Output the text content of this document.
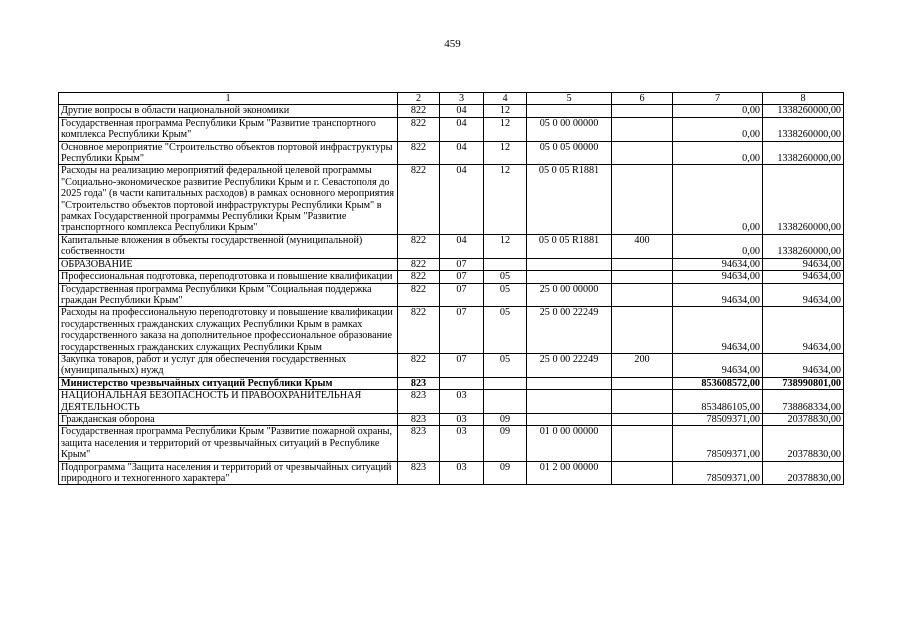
459
1	2	3	4	5	6	7	8
Другие вопросы в области национальной экономики	822	04	12			0,00	1338260000,00
Государственная программа Республики Крым "Развитие транспортного комплекса Республики Крым"	822	04	12	05 0 00 00000		0,00	1338260000,00
Основное мероприятие "Строительство объектов портовой инфраструктуры Республики Крым"	822	04	12	05 0 05 00000		0,00	1338260000,00
Расходы на реализацию мероприятий федеральной целевой программы "Социально-экономическое развитие Республики Крым и г. Севастополя до 2025 года" (в части капитальных расходов) в рамках основного мероприятия "Строительство объектов портовой инфраструктуры Республики Крым" в рамках Государственной программы Республики Крым "Развитие транспортного комплекса Республики Крым"	822	04	12	05 0 05 R1881		0,00	1338260000,00
Капитальные вложения в объекты государственной (муниципальной) собственности	822	04	12	05 0 05 R1881	400	0,00	1338260000,00
ОБРАЗОВАНИЕ	822	07				94634,00	94634,00
Профессиональная подготовка, переподготовка и повышение квалификации	822	07	05			94634,00	94634,00
Государственная программа Республики Крым "Социальная поддержка граждан Республики Крым"	822	07	05	25 0 00 00000		94634,00	94634,00
Расходы на профессиональную переподготовку и повышение квалификации государственных гражданских служащих Республики Крым в рамках государственного заказа на дополнительное профессиональное образование государственных гражданских служащих Республики Крым	822	07	05	25 0 00 22249		94634,00	94634,00
Закупка товаров, работ и услуг для обеспечения государственных (муниципальных) нужд	822	07	05	25 0 00 22249	200	94634,00	94634,00
Министерство чрезвычайных ситуаций Республики Крым	823					853608572,00	738990801,00
НАЦИОНАЛЬНАЯ БЕЗОПАСНОСТЬ И ПРАВООХРАНИТЕЛЬНАЯ ДЕЯТЕЛЬНОСТЬ	823	03				853486105,00	738868334,00
Гражданская оборона	823	03	09			78509371,00	20378830,00
Государственная программа Республики Крым "Развитие пожарной охраны, защита населения и территорий от чрезвычайных ситуаций в Республике Крым"	823	03	09	01 0 00 00000		78509371,00	20378830,00
Подпрограмма "Защита населения и территорий от чрезвычайных ситуаций природного и техногенного характера"	823	03	09	01 2 00 00000		78509371,00	20378830,00
